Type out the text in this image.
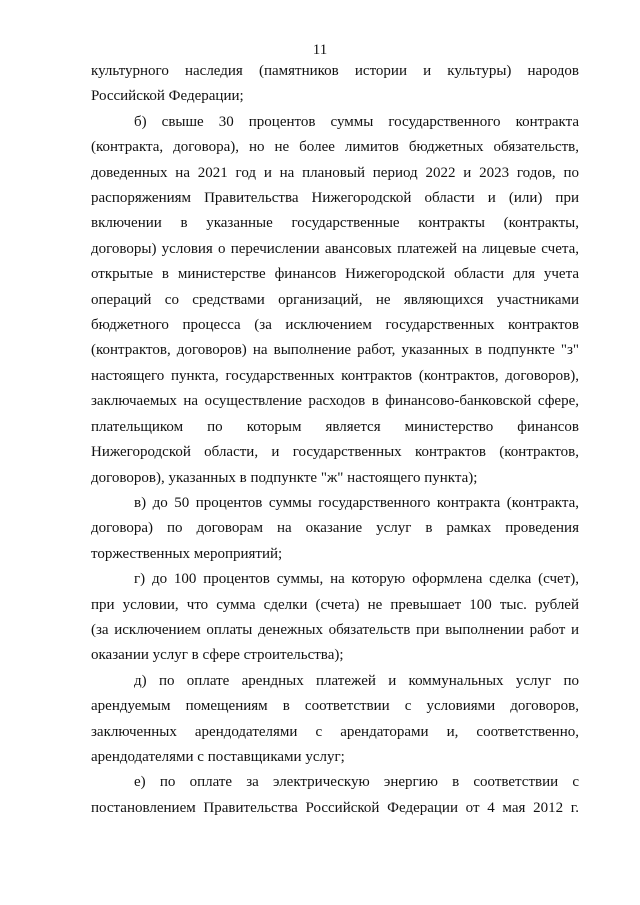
11
культурного наследия (памятников истории и культуры) народов
Российской Федерации;
б) свыше 30 процентов суммы государственного контракта
(контракта, договора), но не более лимитов бюджетных обязательств,
доведенных на 2021 год и на плановый период 2022 и 2023 годов, по
распоряжениям Правительства Нижегородской области и (или) при
включении в указанные государственные контракты (контракты,
договоры) условия о перечислении авансовых платежей на лицевые счета,
открытые в министерстве финансов Нижегородской области для учета
операций со средствами организаций, не являющихся участниками
бюджетного процесса (за исключением государственных контрактов
(контрактов, договоров) на выполнение работ, указанных в подпункте "з"
настоящего пункта, государственных контрактов (контрактов, договоров),
заключаемых на осуществление расходов в финансово-банковской сфере,
плательщиком по которым является министерство финансов
Нижегородской области, и государственных контрактов (контрактов,
договоров), указанных в подпункте "ж" настоящего пункта);
в) до 50 процентов суммы государственного контракта (контракта,
договора) по договорам на оказание услуг в рамках проведения
торжественных мероприятий;
г) до 100 процентов суммы, на которую оформлена сделка (счет),
при условии, что сумма сделки (счета) не превышает 100 тыс. рублей
(за исключением оплаты денежных обязательств при выполнении работ и
оказании услуг в сфере строительства);
д) по оплате арендных платежей и коммунальных услуг по
арендуемым помещениям в соответствии с условиями договоров,
заключенных арендодателями с арендаторами и, соответственно,
арендодателями с поставщиками услуг;
е) по оплате за электрическую энергию в соответствии с
постановлением Правительства Российской Федерации от 4 мая 2012 г.
